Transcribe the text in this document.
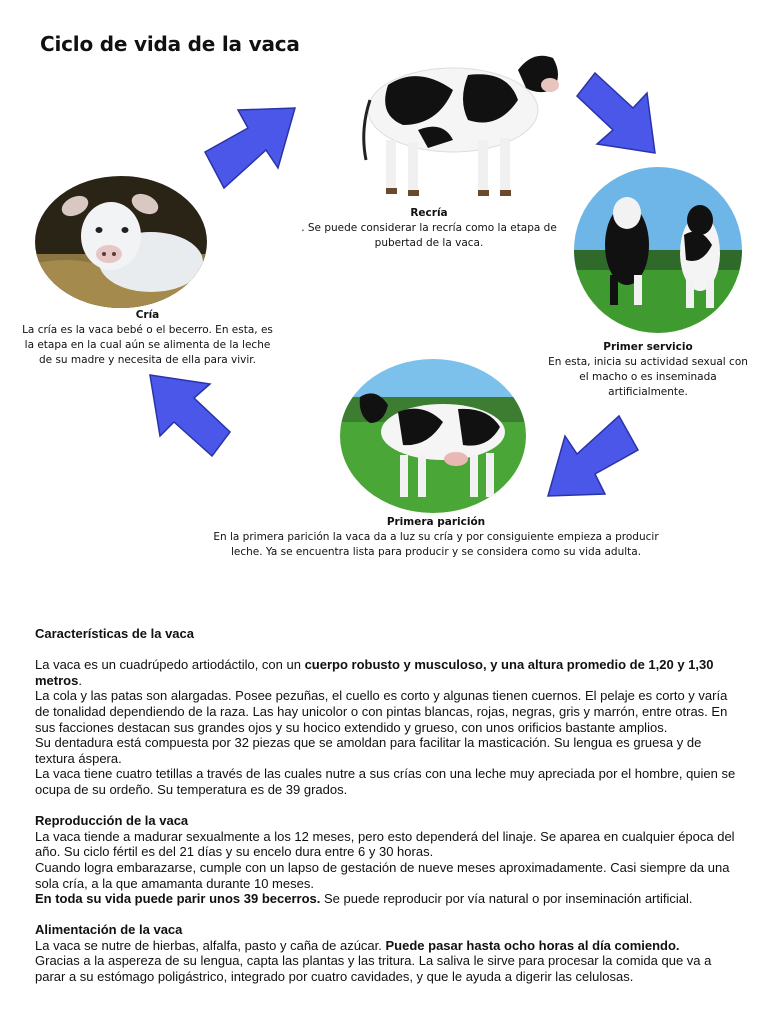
Ciclo de vida de la vaca
Cría
La cría es la vaca bebé o el becerro. En esta, es la etapa en la cual aún se alimenta de la leche de su madre y necesita de ella para vivir.
Recría
. Se puede considerar la recría como la etapa de pubertad de la vaca.
Primer servicio
En esta, inicia su actividad sexual con el macho o es inseminada artificialmente.
Primera parición
En la primera parición la vaca da a luz su cría y por consiguiente empieza a producir leche. Ya se encuentra lista para producir y se considera como su vida adulta.
Características de la vaca

La vaca es un cuadrúpedo artiodáctilo, con un cuerpo robusto y musculoso, y una altura promedio de 1,20 y 1,30 metros.

La cola y las patas son alargadas. Posee pezuñas, el cuello es corto y algunas tienen cuernos. El pelaje es corto y varía de tonalidad dependiendo de la raza. Las hay unicolor o con pintas blancas, rojas, negras, gris y marrón, entre otras. En sus facciones destacan sus grandes ojos y su hocico extendido y grueso, con unos orificios bastante amplios.

Su dentadura está compuesta por 32 piezas que se amoldan para facilitar la masticación. Su lengua es gruesa y de textura áspera.

La vaca tiene cuatro tetillas a través de las cuales nutre a sus crías con una leche muy apreciada por el hombre, quien se ocupa de su ordeño. Su temperatura es de 39 grados.

Reproducción de la vaca

La vaca tiende a madurar sexualmente a los 12 meses, pero esto dependerá del linaje. Se aparea en cualquier época del año. Su ciclo fértil es del 21 días y su encelo dura entre 6 y 30 horas.

Cuando logra embarazarse, cumple con un lapso de gestación de nueve meses aproximadamente. Casi siempre da una sola cría, a la que amamanta durante 10 meses.

En toda su vida puede parir unos 39 becerros. Se puede reproducir por vía natural o por inseminación artificial.

Alimentación de la vaca

La vaca se nutre de hierbas, alfalfa, pasto y caña de azúcar. Puede pasar hasta ocho horas al día comiendo.

Gracias a la aspereza de su lengua, capta las plantas y las tritura. La saliva le sirve para procesar la comida que va a parar a su estómago poligástrico, integrado por cuatro cavidades, y que le ayuda a digerir las celulosas.
